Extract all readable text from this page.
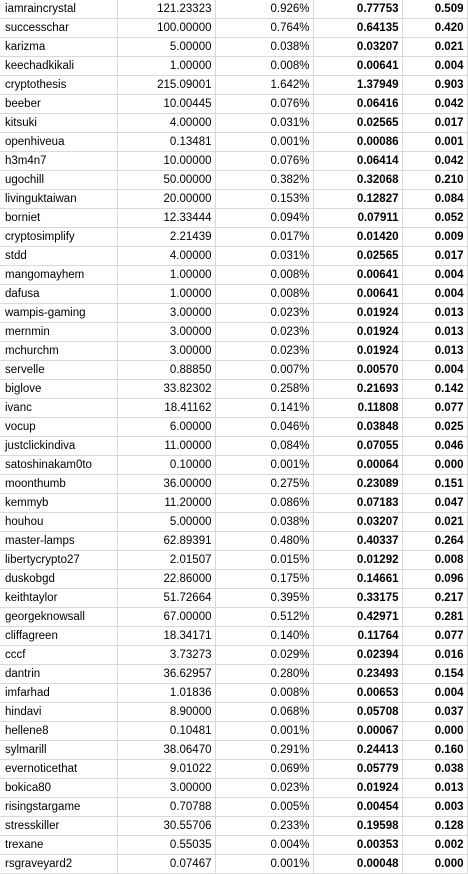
iamraincrystal	121.23323	0.926%	0.77753	0.509
successchar	100.00000	0.764%	0.64135	0.420
karizma	5.00000	0.038%	0.03207	0.021
keechadkikali	1.00000	0.008%	0.00641	0.004
cryptothesis	215.09001	1.642%	1.37949	0.903
beeber	10.00445	0.076%	0.06416	0.042
kitsuki	4.00000	0.031%	0.02565	0.017
openhiveua	0.13481	0.001%	0.00086	0.001
h3m4n7	10.00000	0.076%	0.06414	0.042
ugochill	50.00000	0.382%	0.32068	0.210
livinguktaiwan	20.00000	0.153%	0.12827	0.084
borniet	12.33444	0.094%	0.07911	0.052
cryptosimplify	2.21439	0.017%	0.01420	0.009
stdd	4.00000	0.031%	0.02565	0.017
mangomayhem	1.00000	0.008%	0.00641	0.004
dafusa	1.00000	0.008%	0.00641	0.004
wampis-gaming	3.00000	0.023%	0.01924	0.013
mernmin	3.00000	0.023%	0.01924	0.013
mchurchm	3.00000	0.023%	0.01924	0.013
servelle	0.88850	0.007%	0.00570	0.004
biglove	33.82302	0.258%	0.21693	0.142
ivanc	18.41162	0.141%	0.11808	0.077
vocup	6.00000	0.046%	0.03848	0.025
justclickindiva	11.00000	0.084%	0.07055	0.046
satoshinakam0to	0.10000	0.001%	0.00064	0.000
moonthumb	36.00000	0.275%	0.23089	0.151
kemmyb	11.20000	0.086%	0.07183	0.047
houhou	5.00000	0.038%	0.03207	0.021
master-lamps	62.89391	0.480%	0.40337	0.264
libertycrypto27	2.01507	0.015%	0.01292	0.008
duskobgd	22.86000	0.175%	0.14661	0.096
keithtaylor	51.72664	0.395%	0.33175	0.217
georgeknowsall	67.00000	0.512%	0.42971	0.281
cliffagreen	18.34171	0.140%	0.11764	0.077
cccf	3.73273	0.029%	0.02394	0.016
dantrin	36.62957	0.280%	0.23493	0.154
imfarhad	1.01836	0.008%	0.00653	0.004
hindavi	8.90000	0.068%	0.05708	0.037
hellene8	0.10481	0.001%	0.00067	0.000
sylmarill	38.06470	0.291%	0.24413	0.160
evernoticethat	9.01022	0.069%	0.05779	0.038
bokica80	3.00000	0.023%	0.01924	0.013
risingstargame	0.70788	0.005%	0.00454	0.003
stresskiller	30.55706	0.233%	0.19598	0.128
trexane	0.55035	0.004%	0.00353	0.002
rsgraveyard2	0.07467	0.001%	0.00048	0.000
